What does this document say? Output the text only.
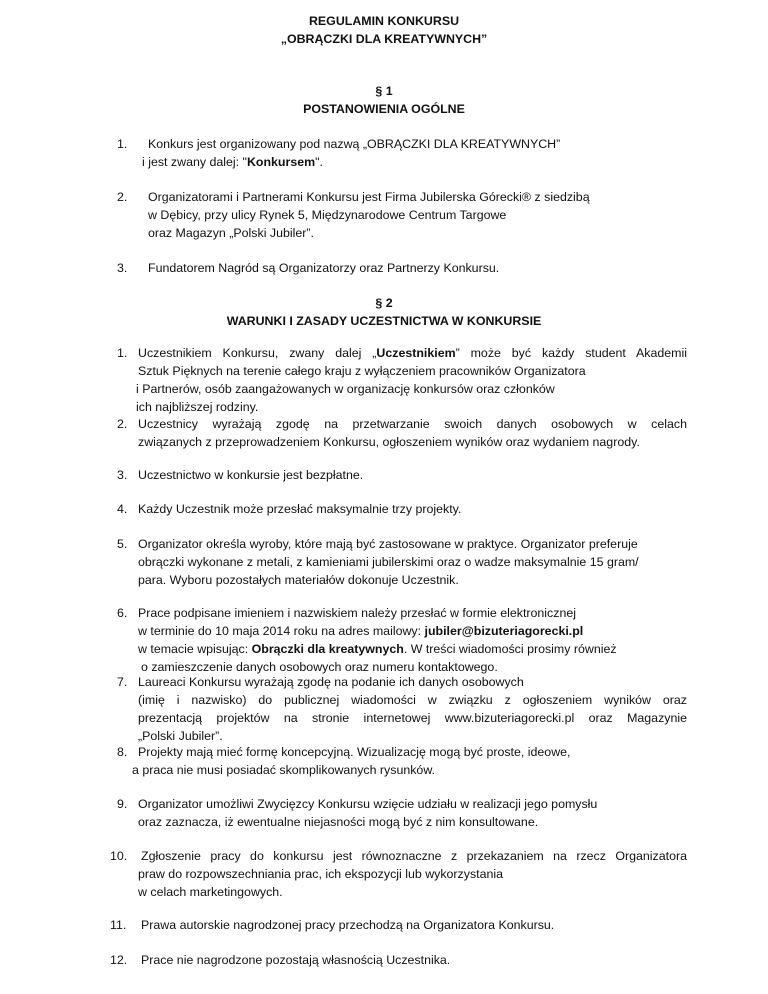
REGULAMIN KONKURSU
„OBRĄCZKI DLA KREATYWNYCH”
§ 1
POSTANOWIENIA OGÓLNE
1. Konkurs jest organizowany pod nazwą „OBRĄCZKI DLA KREATYWNYCH”
i jest zwany dalej: "Konkursem".
2. Organizatorami i Partnerami Konkursu jest Firma Jubilerska Górecki® z siedzibą
w Dębicy, przy ulicy Rynek 5, Międzynarodowe Centrum Targowe
oraz Magazyn „Polski Jubiler”.
3. Fundatorem Nagród są Organizatorzy oraz Partnerzy Konkursu.
§ 2
WARUNKI I ZASADY UCZESTNICTWA W KONKURSIE
1. Uczestnikiem Konkursu, zwany dalej „Uczestnikiem” może być każdy student Akademii
Sztuk Pięknych na terenie całego kraju z wyłączeniem pracowników Organizatora
i Partnerów, osób zaangażowanych w organizację konkursów oraz członków
ich najbliższej rodziny.
2. Uczestnicy wyrażają zgodę na przetwarzanie swoich danych osobowych w celach
związanych z przeprowadzeniem Konkursu, ogłoszeniem wyników oraz wydaniem nagrody.
3. Uczestnictwo w konkursie jest bezpłatne.
4. Każdy Uczestnik może przesłać maksymalnie trzy projekty.
5. Organizator określa wyroby, które mają być zastosowane w praktyce. Organizator preferuje
obrączki wykonane z metali, z kamieniami jubilerskimi oraz o wadze maksymalnie 15 gram/
para. Wyboru pozostałych materiałów dokonuje Uczestnik.
6. Prace podpisane imieniem i nazwiskiem należy przesłać w formie elektronicznej
w terminie do 10 maja 2014 roku na adres mailowy: jubiler@bizuteriagorecki.pl
w temacie wpisując: Obrączki dla kreatywnych. W treści wiadomości prosimy również
o zamieszczenie danych osobowych oraz numeru kontaktowego.
7. Laureaci Konkursu wyrażają zgodę na podanie ich danych osobowych
(imię i nazwisko) do publicznej wiadomości w związku z ogłoszeniem wyników oraz
prezentacją projektów na stronie internetowej www.bizuteriagorecki.pl oraz Magazynie
„Polski Jubiler”.
8. Projekty mają mieć formę koncepcyjną. Wizualizację mogą być proste, ideowe,
a praca nie musi posiadać skomplikowanych rysunków.
9. Organizator umożliwi Zwycięzcy Konkursu wzięcie udziału w realizacji jego pomysłu
oraz zaznacza, iż ewentualne niejasności mogą być z nim konsultowane.
10. Zgłoszenie pracy do konkursu jest równoznaczne z przekazaniem na rzecz Organizatora
praw do rozpowszechniania prac, ich ekspozycji lub wykorzystania
w celach marketingowych.
11. Prawa autorskie nagrodzonej pracy przechodzą na Organizatora Konkursu.
12. Prace nie nagrodzone pozostają własnością Uczestnika.
